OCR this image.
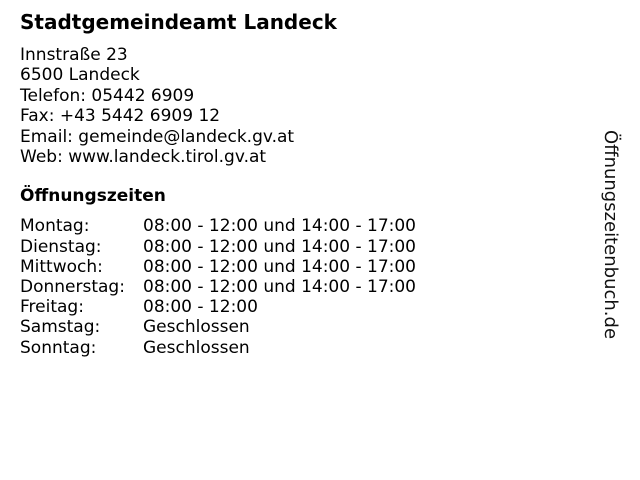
Stadtgemeindeamt Landeck
Innstraße 23
6500 Landeck
Telefon: 05442 6909
Fax: +43 5442 6909 12
Email: gemeinde@landeck.gv.at
Web: www.landeck.tirol.gv.at
Öffnungszeiten
Montag:	08:00 - 12:00 und 14:00 - 17:00
Dienstag:	08:00 - 12:00 und 14:00 - 17:00
Mittwoch:	08:00 - 12:00 und 14:00 - 17:00
Donnerstag:	08:00 - 12:00 und 14:00 - 17:00
Freitag:	08:00 - 12:00
Samstag:	Geschlossen
Sonntag:	Geschlossen
Öffnungszeitenbuch.de
